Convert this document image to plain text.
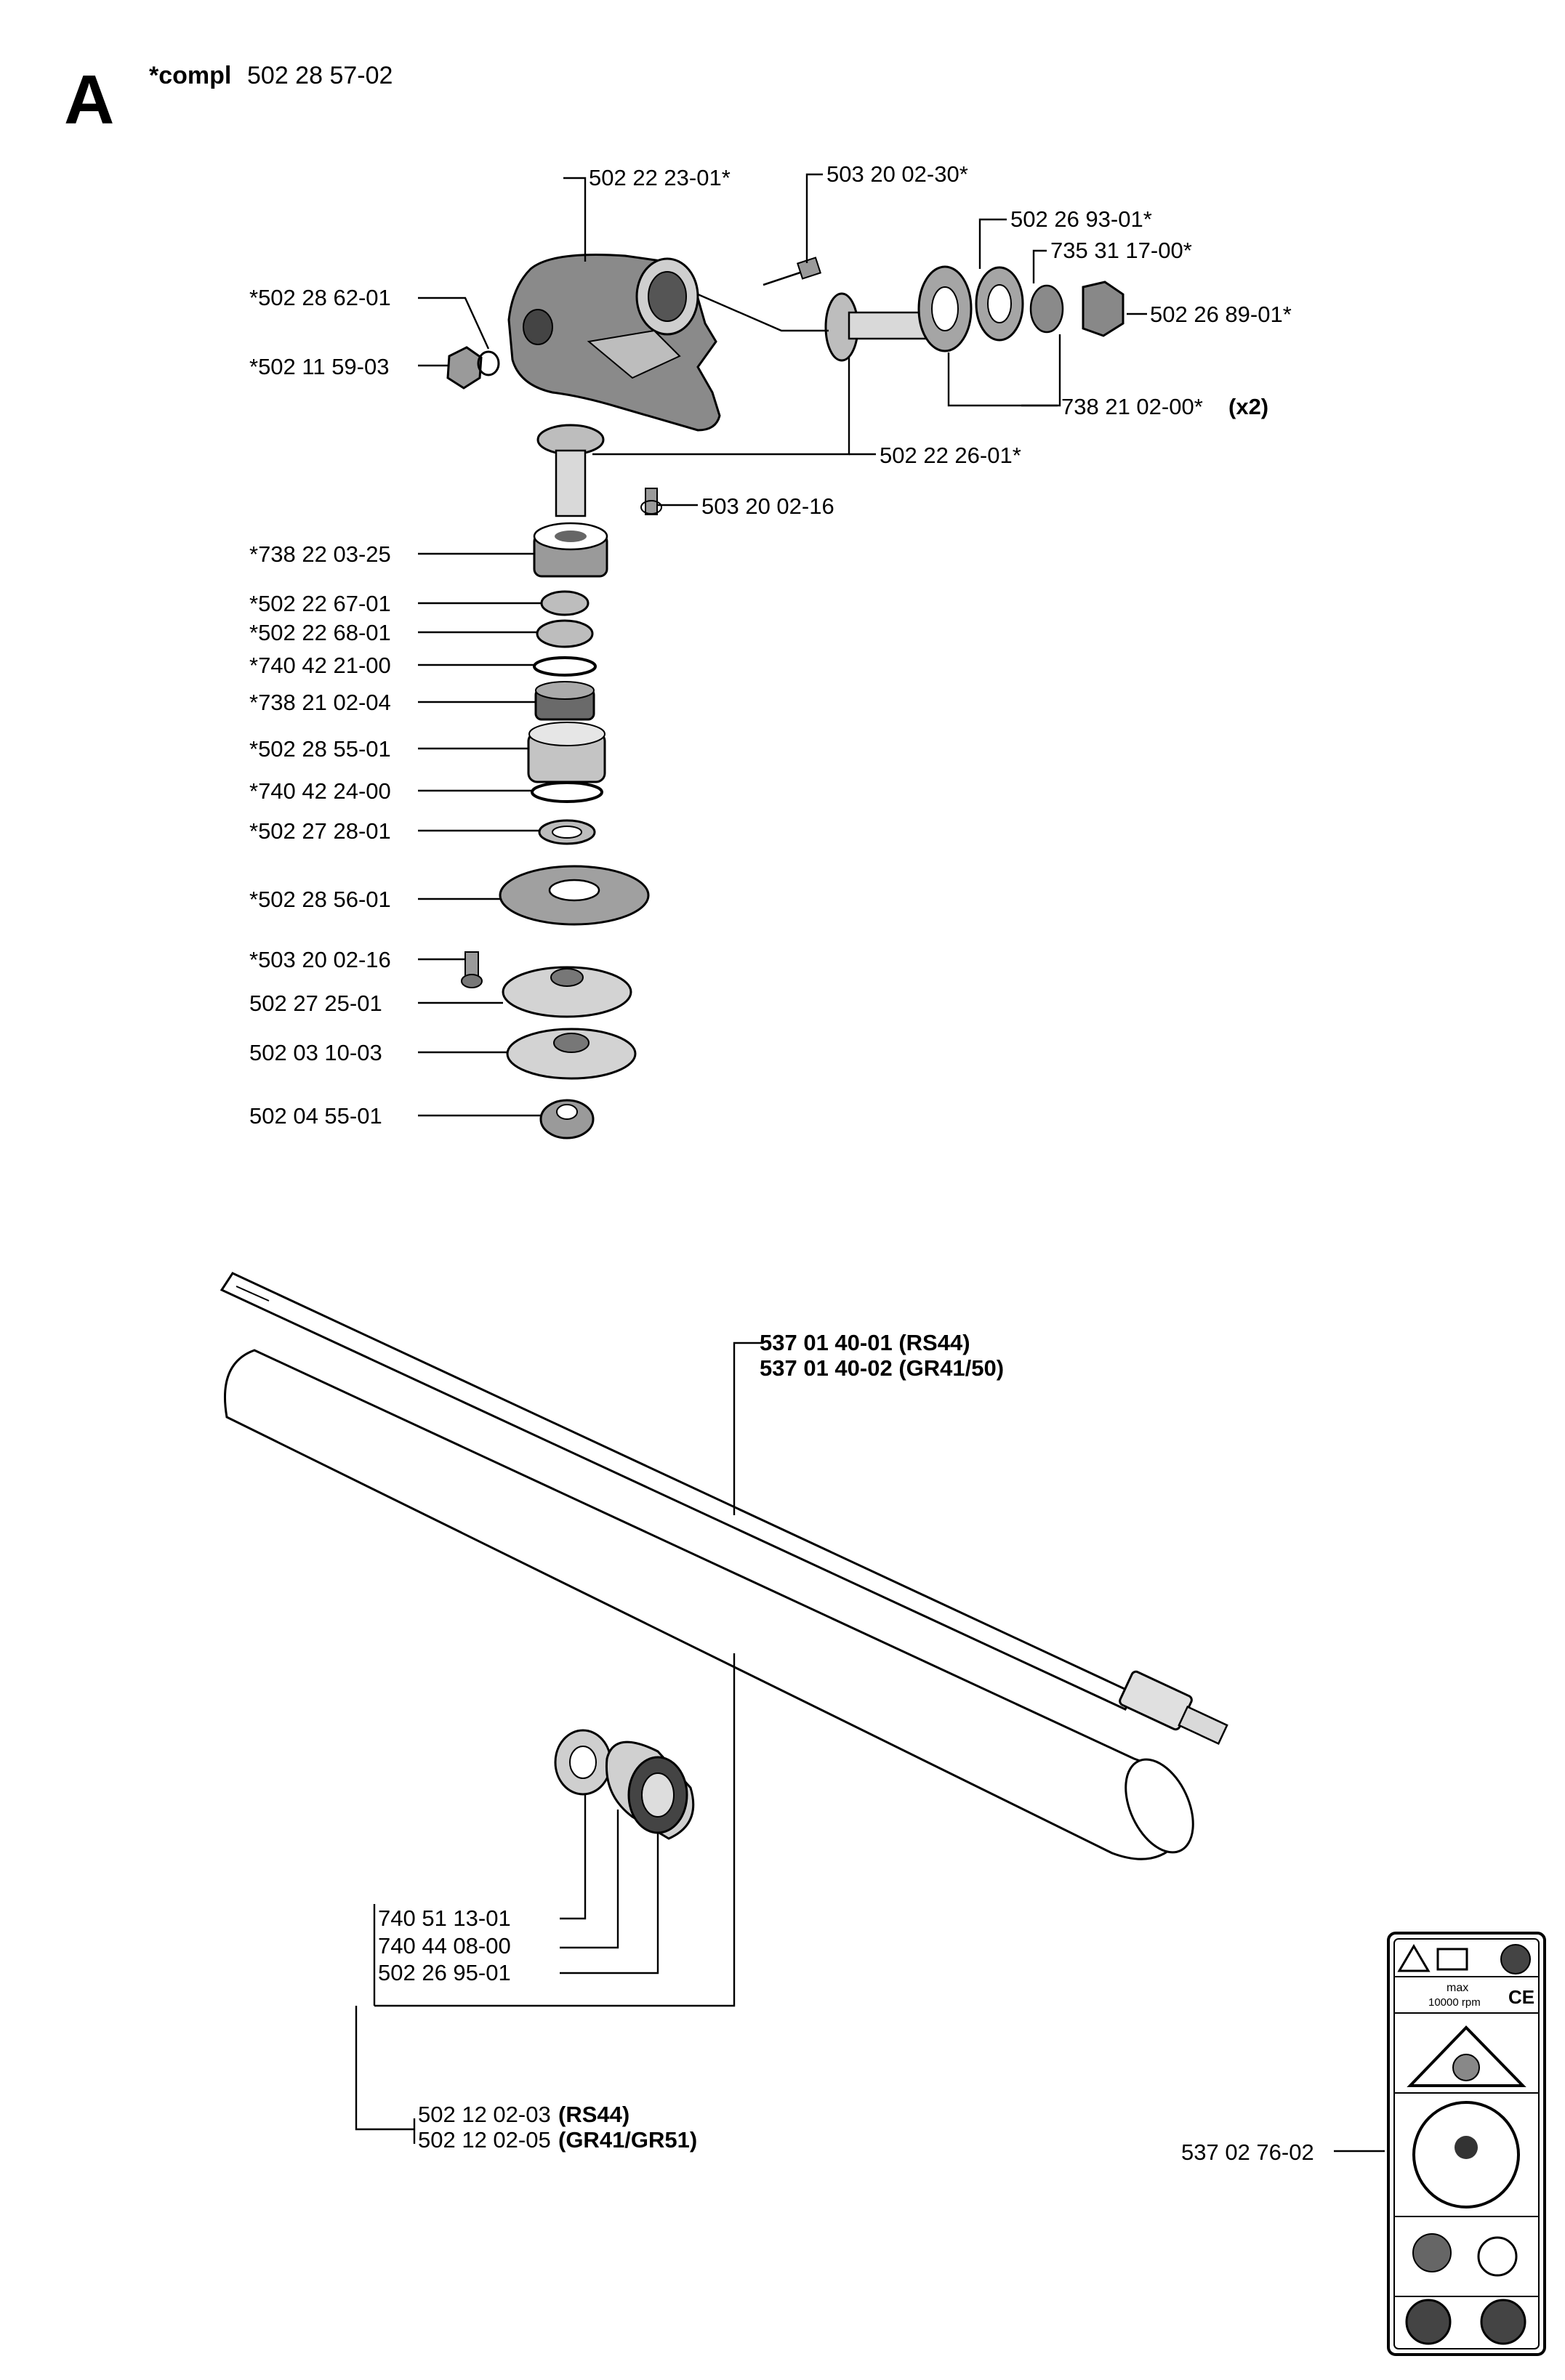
A *compl 502 28 57-02
502 22 23-01*	503 20 02-30*
502 26 93-01*
735 31 17-00*
502 26 89-01*
*502 28 62-01
*502 11 59-03
738 21 02-00* (x2)
502 22 26-01*
503 20 02-16
*738 22 03-25
*502 22 67-01
*502 22 68-01
*740 42 21-00
*738 21 02-04
*502 28 55-01
*740 42 24-00
*502 27 28-01
*502 28 56-01
*503 20 02-16
502 27 25-01
502 03 10-03
502 04 55-01
537 01 40-01 (RS44)
537 01 40-02 (GR41/50)
740 51 13-01
740 44 08-00
502 26 95-01
502 12 02-03 (RS44)
502 12 02-05 (GR41/GR51)	537 02 76-02
max
10000 rpm CE
